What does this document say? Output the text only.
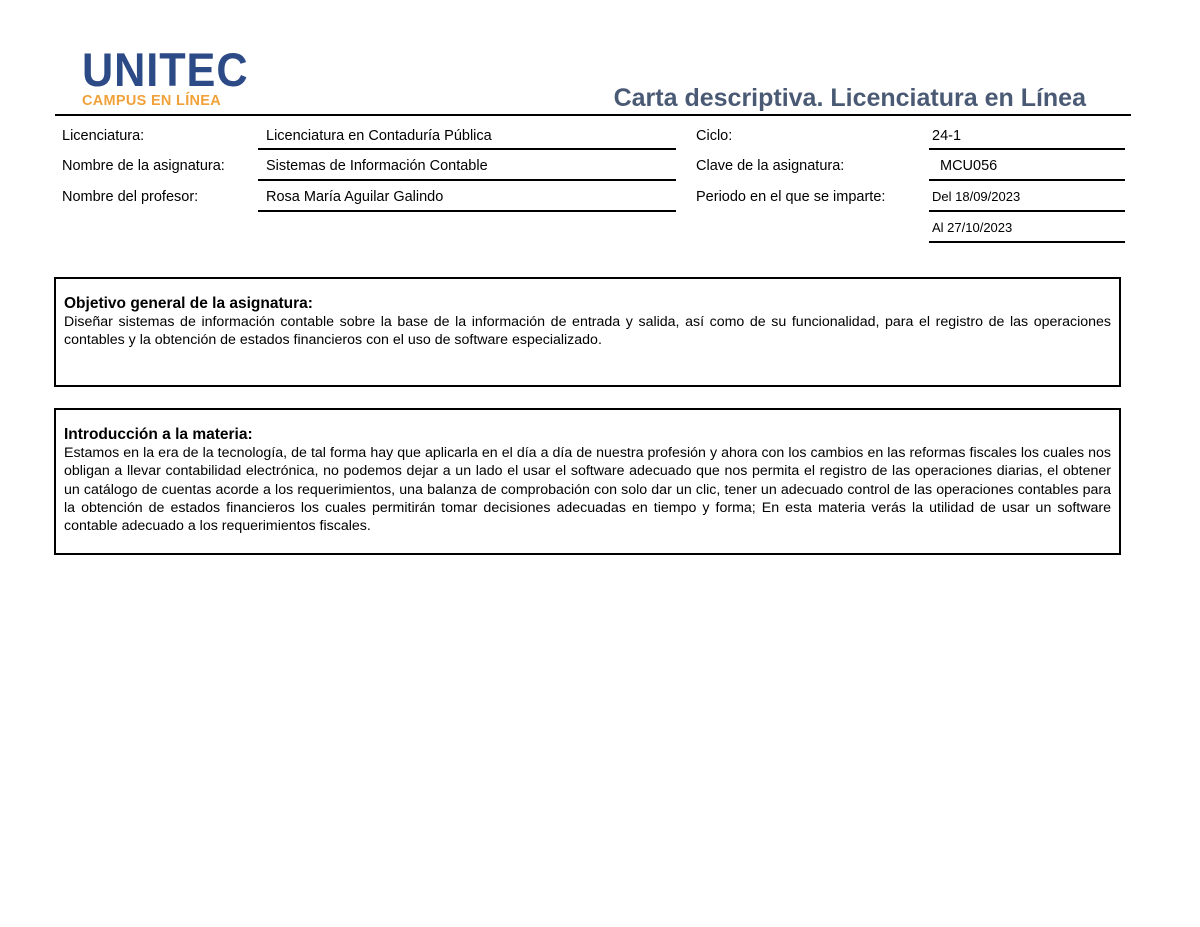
UNITEC
CAMPUS EN LÍNEA	Carta descriptiva. Licenciatura en Línea
Licenciatura:	Licenciatura en Contaduría Pública	Ciclo:	24-1
Nombre de la asignatura:	Sistemas de Información Contable	Clave de la asignatura:	MCU056
Nombre del profesor:	Rosa María Aguilar Galindo	Periodo en el que se imparte:	Del 18/09/2023
Al 27/10/2023
Objetivo general de la asignatura:
Diseñar sistemas de información contable sobre la base de la información de entrada y salida, así como de su funcionalidad, para el registro de las operaciones contables y la obtención de estados financieros con el uso de software especializado.
Introducción a la materia:
Estamos en la era de la tecnología, de tal forma hay que aplicarla en el día a día de nuestra profesión y ahora con los cambios en las reformas fiscales los cuales nos obligan a llevar contabilidad electrónica, no podemos dejar a un lado el usar el software adecuado que nos permita el registro de las operaciones diarias, el obtener un catálogo de cuentas acorde a los requerimientos, una balanza de comprobación con solo dar un clic, tener un adecuado control de las operaciones contables para la obtención de estados financieros los cuales permitirán tomar decisiones adecuadas en tiempo y forma; En esta materia verás la utilidad de usar un software contable adecuado a los requerimientos fiscales.
